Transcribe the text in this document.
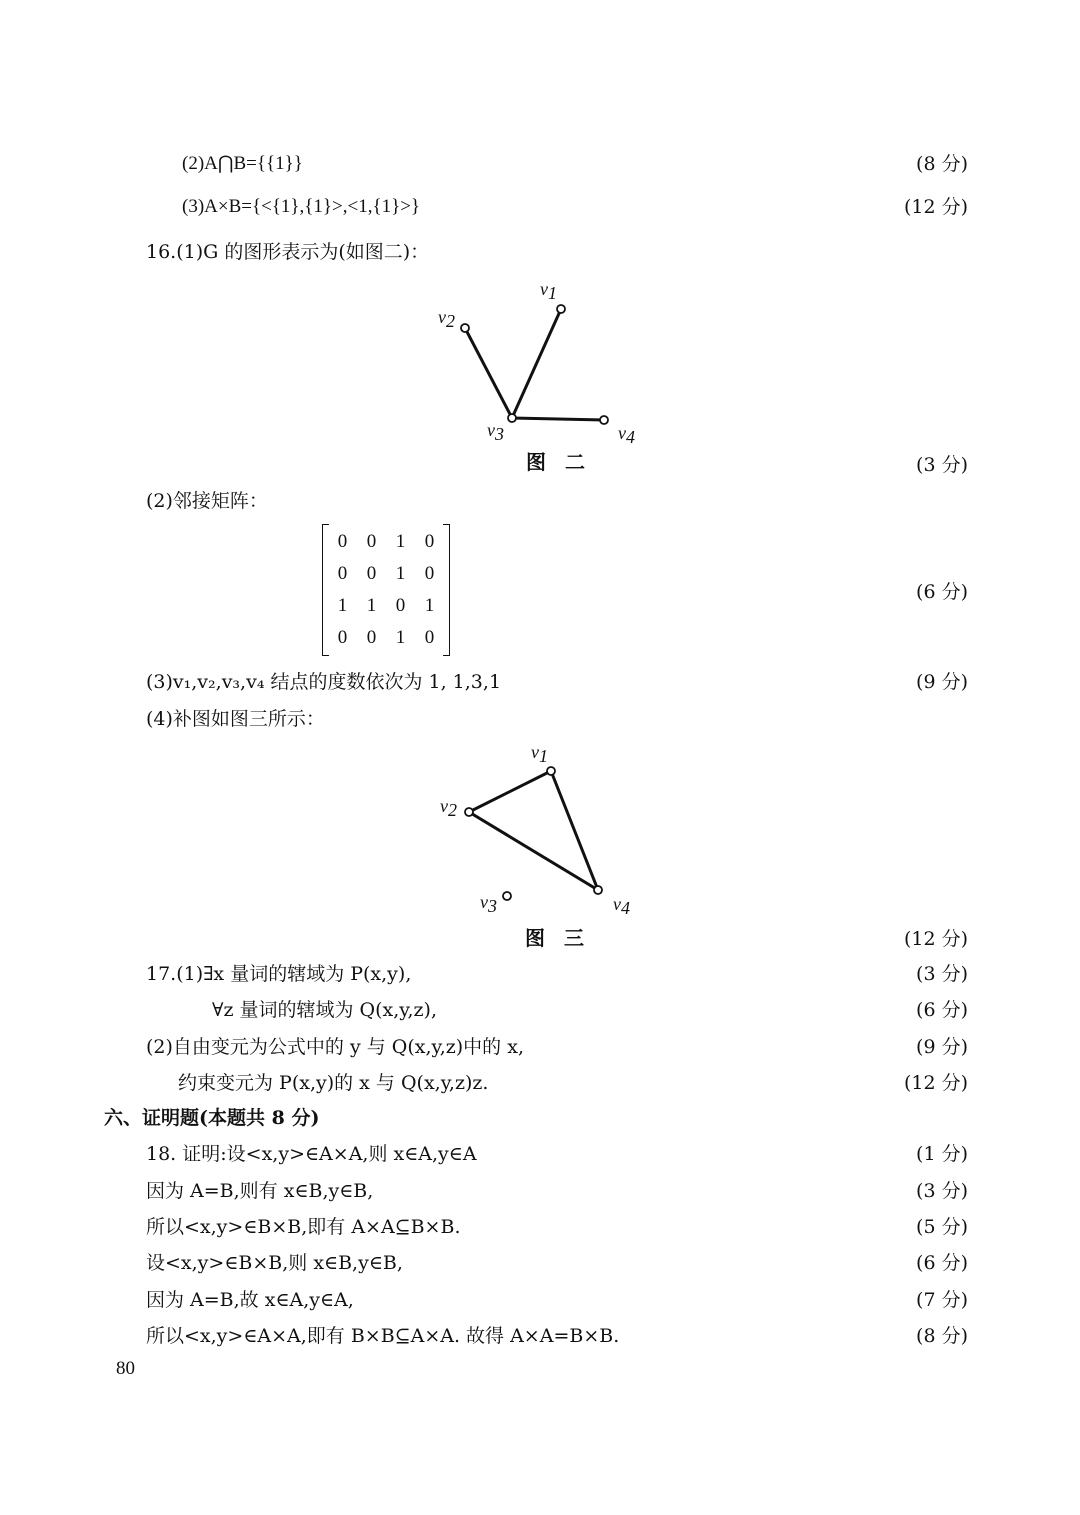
(2)A⋂B={{1}}	(8 分)
(3)A×B={<{1},{1}>,<1,{1}>}	(12 分)
16.(1)G 的图形表示为(如图二)：
v1
v2
v3	v4
图 二	(3 分)
(2)邻接矩阵：
0	0	1	0
0	0	1	0
1	1	0	1
0	0	1	0
(6 分)
(3)v₁,v₂,v₃,v₄ 结点的度数依次为 1, 1,3,1	(9 分)
(4)补图如图三所示：
v1
v2
v3	v4
图 三	(12 分)
17.(1)∃x 量词的辖域为 P(x,y),	(3 分)
∀z 量词的辖域为 Q(x,y,z),	(6 分)
(2)自由变元为公式中的 y 与 Q(x,y,z)中的 x,	(9 分)
约束变元为 P(x,y)的 x 与 Q(x,y,z)z.	(12 分)
六、证明题(本题共 8 分)
18. 证明:设<x,y>∈A×A,则 x∈A,y∈A	(1 分)
因为 A=B,则有 x∈B,y∈B,	(3 分)
所以<x,y>∈B×B,即有 A×A⊆B×B.	(5 分)
设<x,y>∈B×B,则 x∈B,y∈B,	(6 分)
因为 A=B,故 x∈A,y∈A,	(7 分)
所以<x,y>∈A×A,即有 B×B⊆A×A. 故得 A×A=B×B.	(8 分)
80
